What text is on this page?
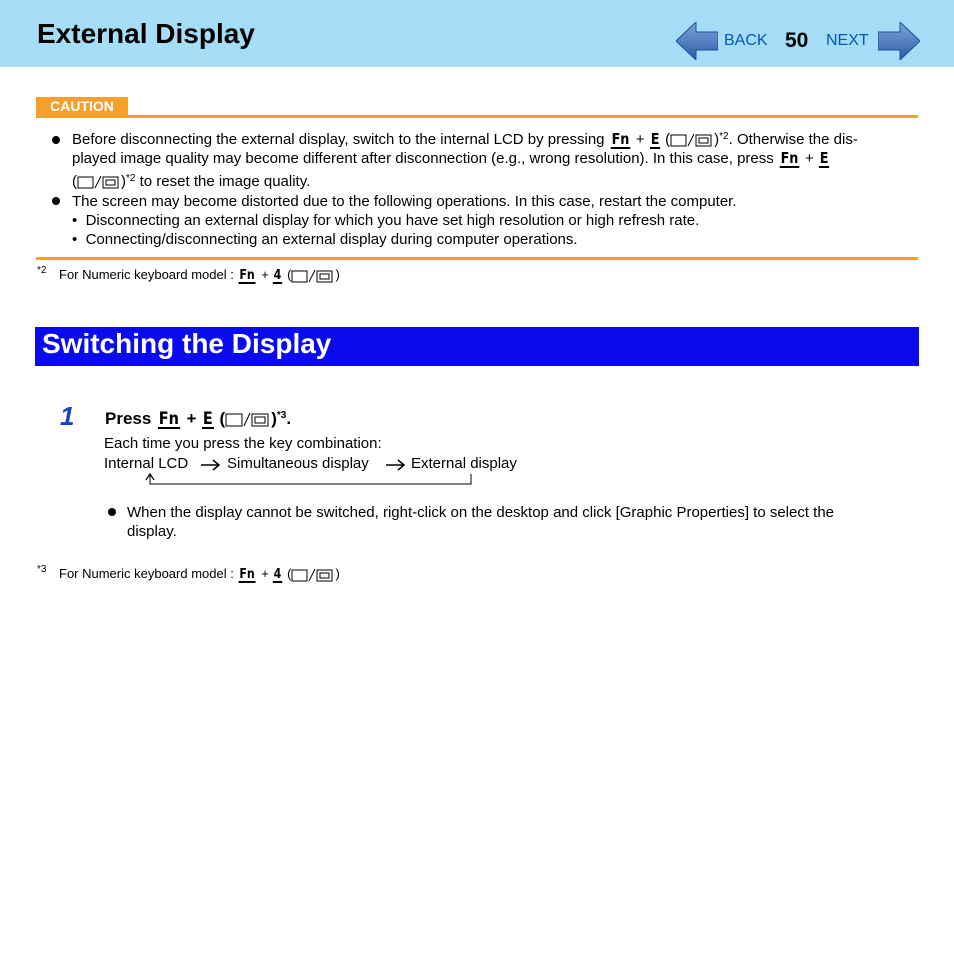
External Display	BACK 50 NEXT
CAUTION
Before disconnecting the external display, switch to the internal LCD by pressing Fn + E (	)$^{*2}$. Otherwise the dis-
played image quality may become different after disconnection (e.g., wrong resolution). In this case, press Fn + E
(	)$^{*2}$ to reset the image quality.
The screen may become distorted due to the following operations. In this case, restart the computer.
•  Disconnecting an external display for which you have set high resolution or high refresh rate.
•  Connecting/disconnecting an external display during computer operations.
$^{*2}$ For Numeric keyboard model : Fn + 4 (	)
Switching the Display
1 Press Fn + E (	)$^{*3}$.
Each time you press the key combination:
Internal LCD	Simultaneous display	External display
When the display cannot be switched, right-click on the desktop and click [Graphic Properties] to select the
display.
$^{*3}$ For Numeric keyboard model : Fn + 4 (	)
